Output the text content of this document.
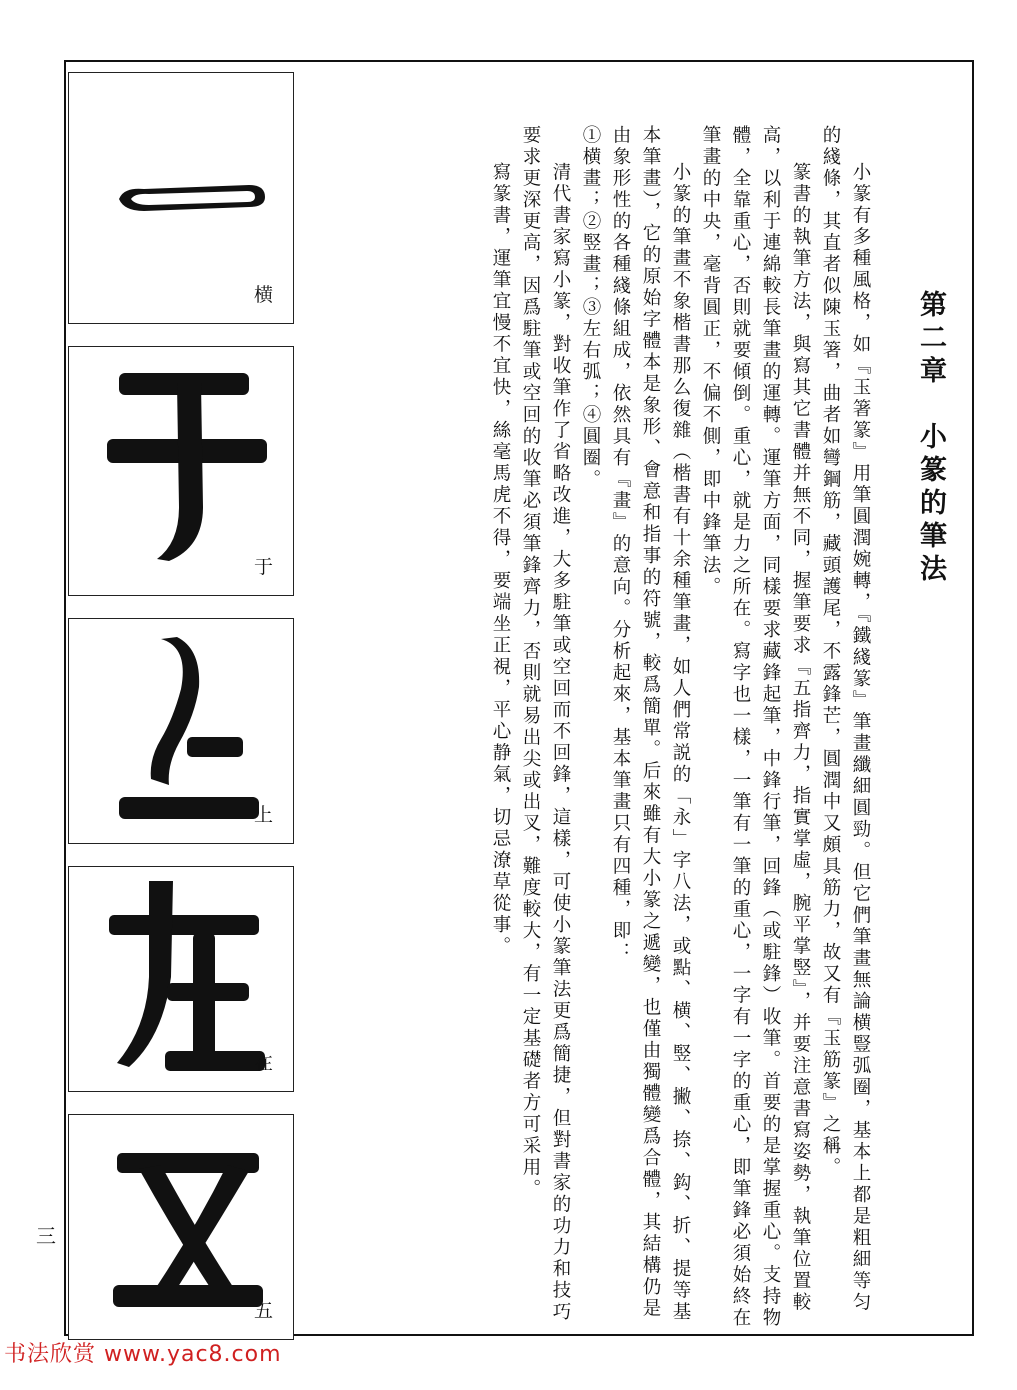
横
于
上
在
五
三
第二章　小篆的筆法

小篆有多種風格，如『玉箸篆』用筆圓潤婉轉，『鐵綫篆』筆畫纖細圓勁。但它們筆畫無論横豎弧圈，基本上都是粗細等匀的綫條，其直者似陳玉箸，曲者如彎鋼筋，藏頭護尾，不露鋒芒，圓潤中又頗具筋力，故又有『玉筋篆』之稱。

篆書的執筆方法，與寫其它書體并無不同，握筆要求『五指齊力，指實掌虛，腕平掌竪』，并要注意書寫姿勢，執筆位置較高，以利于連綿較長筆畫的運轉。運筆方面，同樣要求藏鋒起筆，中鋒行筆，回鋒（或駐鋒）收筆。首要的是掌握重心。支持物體，全靠重心，否則就要傾倒。重心，就是力之所在。寫字也一樣，一筆有一筆的重心，一字有一字的重心，即筆鋒必須始終在筆畫的中央，毫背圓正，不偏不側，即中鋒筆法。

小篆的筆畫不象楷書那么復雜（楷書有十余種筆畫，如人們常説的「永」字八法，或點、横、竪、撇、捺、鈎、折、提等基本筆畫），它的原始字體本是象形、會意和指事的符號，較爲簡單。后來雖有大小篆之遞變，也僅由獨體變爲合體，其結構仍是由象形性的各種綫條組成，依然具有『畫』的意向。分析起來，基本筆畫只有四種，即：

①横畫；②竪畫；③左右弧；④圓圈。

清代書家寫小篆，對收筆作了省略改進，大多駐筆或空回而不回鋒，這樣，可使小篆筆法更爲簡捷，但對書家的功力和技巧要求更深更高，因爲駐筆或空回的收筆必須筆鋒齊力，否則就易出尖或出叉，難度較大，有一定基礎者方可采用。

寫篆書，運筆宜慢不宜快，絲毫馬虎不得，要端坐正視，平心静氣，切忌潦草從事。

书法欣赏 www.yac8.com
